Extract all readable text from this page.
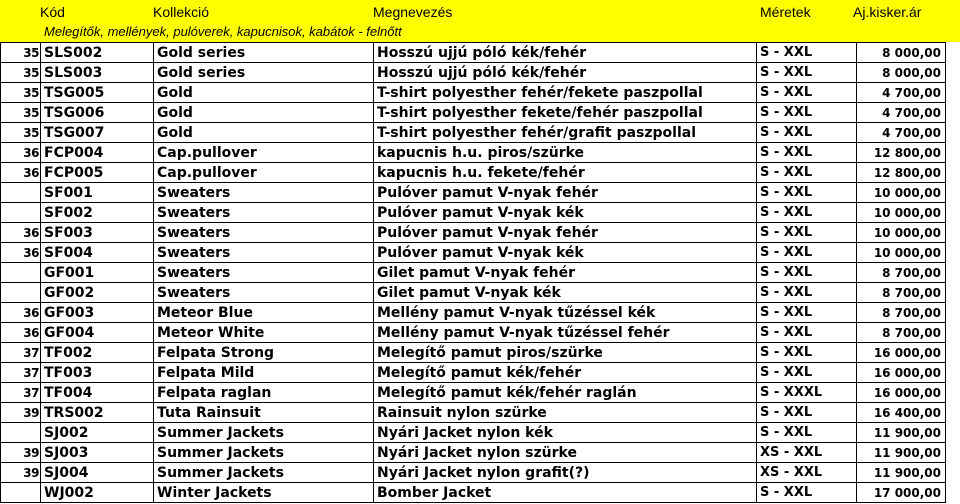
Kód	Kollekció	Megnevezés	Méretek	Aj.kisker.ár
Melegítők, mellények, pulóverek, kapucnisok, kabátok - felnőtt
35	SLS002	Gold series	Hosszú ujjú póló kék/fehér	S - XXL	8 000,00
35	SLS003	Gold series	Hosszú ujjú póló kék/fehér	S - XXL	8 000,00
35	TSG005	Gold	T-shirt polyesther fehér/fekete paszpollal	S - XXL	4 700,00
35	TSG006	Gold	T-shirt polyesther fekete/fehér paszpollal	S - XXL	4 700,00
35	TSG007	Gold	T-shirt polyesther fehér/grafit paszpollal	S - XXL	4 700,00
36	FCP004	Cap.pullover	kapucnis h.u. piros/szürke	S - XXL	12 800,00
36	FCP005	Cap.pullover	kapucnis h.u. fekete/fehér	S - XXL	12 800,00
	SF001	Sweaters	Pulóver pamut V-nyak fehér	S - XXL	10 000,00
	SF002	Sweaters	Pulóver pamut V-nyak kék	S - XXL	10 000,00
36	SF003	Sweaters	Pulóver pamut V-nyak fehér	S - XXL	10 000,00
36	SF004	Sweaters	Pulóver pamut V-nyak kék	S - XXL	10 000,00
	GF001	Sweaters	Gilet pamut V-nyak fehér	S - XXL	8 700,00
	GF002	Sweaters	Gilet pamut V-nyak kék	S - XXL	8 700,00
36	GF003	Meteor Blue	Mellény pamut V-nyak tűzéssel kék	S - XXL	8 700,00
36	GF004	Meteor White	Mellény pamut V-nyak tűzéssel fehér	S - XXL	8 700,00
37	TF002	Felpata Strong	Melegítő pamut piros/szürke	S - XXL	16 000,00
37	TF003	Felpata Mild	Melegítő pamut kék/fehér	S - XXL	16 000,00
37	TF004	Felpata raglan	Melegítő pamut kék/fehér raglán	S - XXXL	16 000,00
39	TRS002	Tuta Rainsuit	Rainsuit nylon szürke	S - XXL	16 400,00
	SJ002	Summer Jackets	Nyári Jacket nylon kék	S - XXL	11 900,00
39	SJ003	Summer Jackets	Nyári Jacket nylon szürke	XS - XXL	11 900,00
39	SJ004	Summer Jackets	Nyári Jacket nylon grafit(?)	XS - XXL	11 900,00
	WJ002	Winter Jackets	Bomber Jacket	S - XXL	17 000,00
